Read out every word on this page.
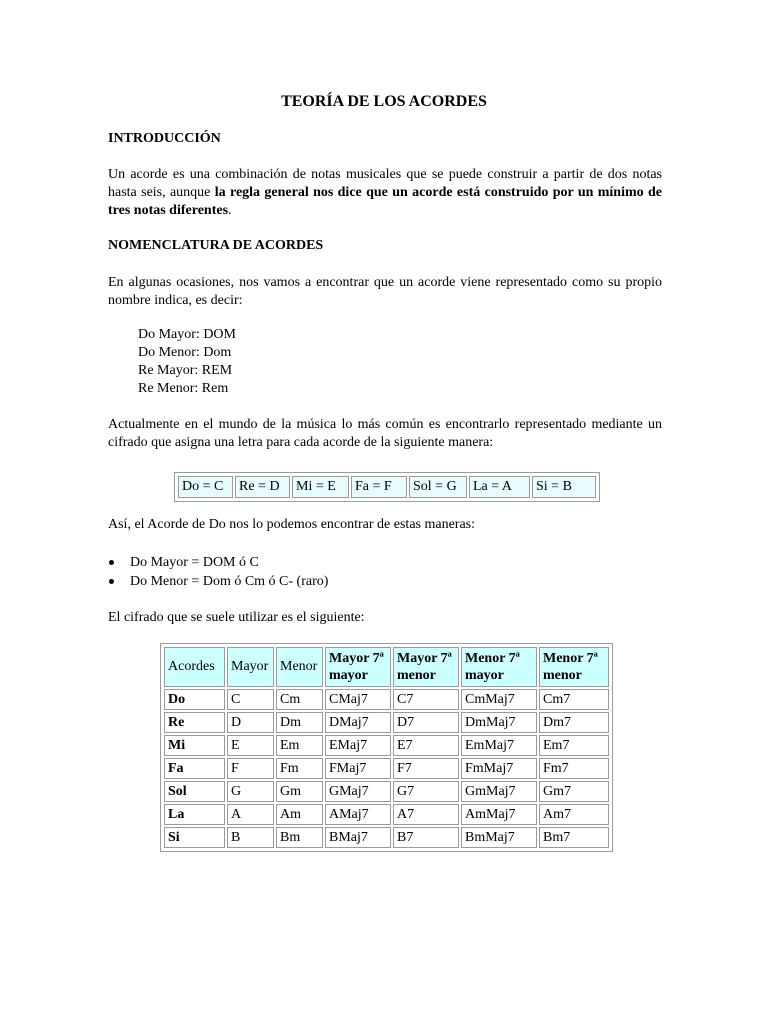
TEORÍA DE LOS ACORDES
INTRODUCCIÓN
Un acorde es una combinación de notas musicales que se puede construir a partir de dos notas hasta seis, aunque la regla general nos dice que un acorde está construido por un mínimo de tres notas diferentes.
NOMENCLATURA DE ACORDES
En algunas ocasiones, nos vamos a encontrar que un acorde viene representado como su propio nombre indica, es decir:
Do Mayor: DOM
Do Menor: Dom
Re Mayor: REM
Re Menor: Rem
Actualmente en el mundo de la música lo más común es encontrarlo representado mediante un cifrado que asigna una letra para cada acorde de la siguiente manera:
Do = C	Re = D	Mi = E	Fa = F	Sol = G	La = A	Si = B
Así, el Acorde de Do nos lo podemos encontrar de estas maneras:
Do Mayor = DOM ó C
Do Menor = Dom ó Cm ó C- (raro)
El cifrado que se suele utilizar es el siguiente:
Acordes	Mayor	Menor	Mayor 7ª mayor	Mayor 7ª menor	Menor 7ª mayor	Menor 7ª menor
Do	C	Cm	CMaj7	C7	CmMaj7	Cm7
Re	D	Dm	DMaj7	D7	DmMaj7	Dm7
Mi	E	Em	EMaj7	E7	EmMaj7	Em7
Fa	F	Fm	FMaj7	F7	FmMaj7	Fm7
Sol	G	Gm	GMaj7	G7	GmMaj7	Gm7
La	A	Am	AMaj7	A7	AmMaj7	Am7
Si	B	Bm	BMaj7	B7	BmMaj7	Bm7
